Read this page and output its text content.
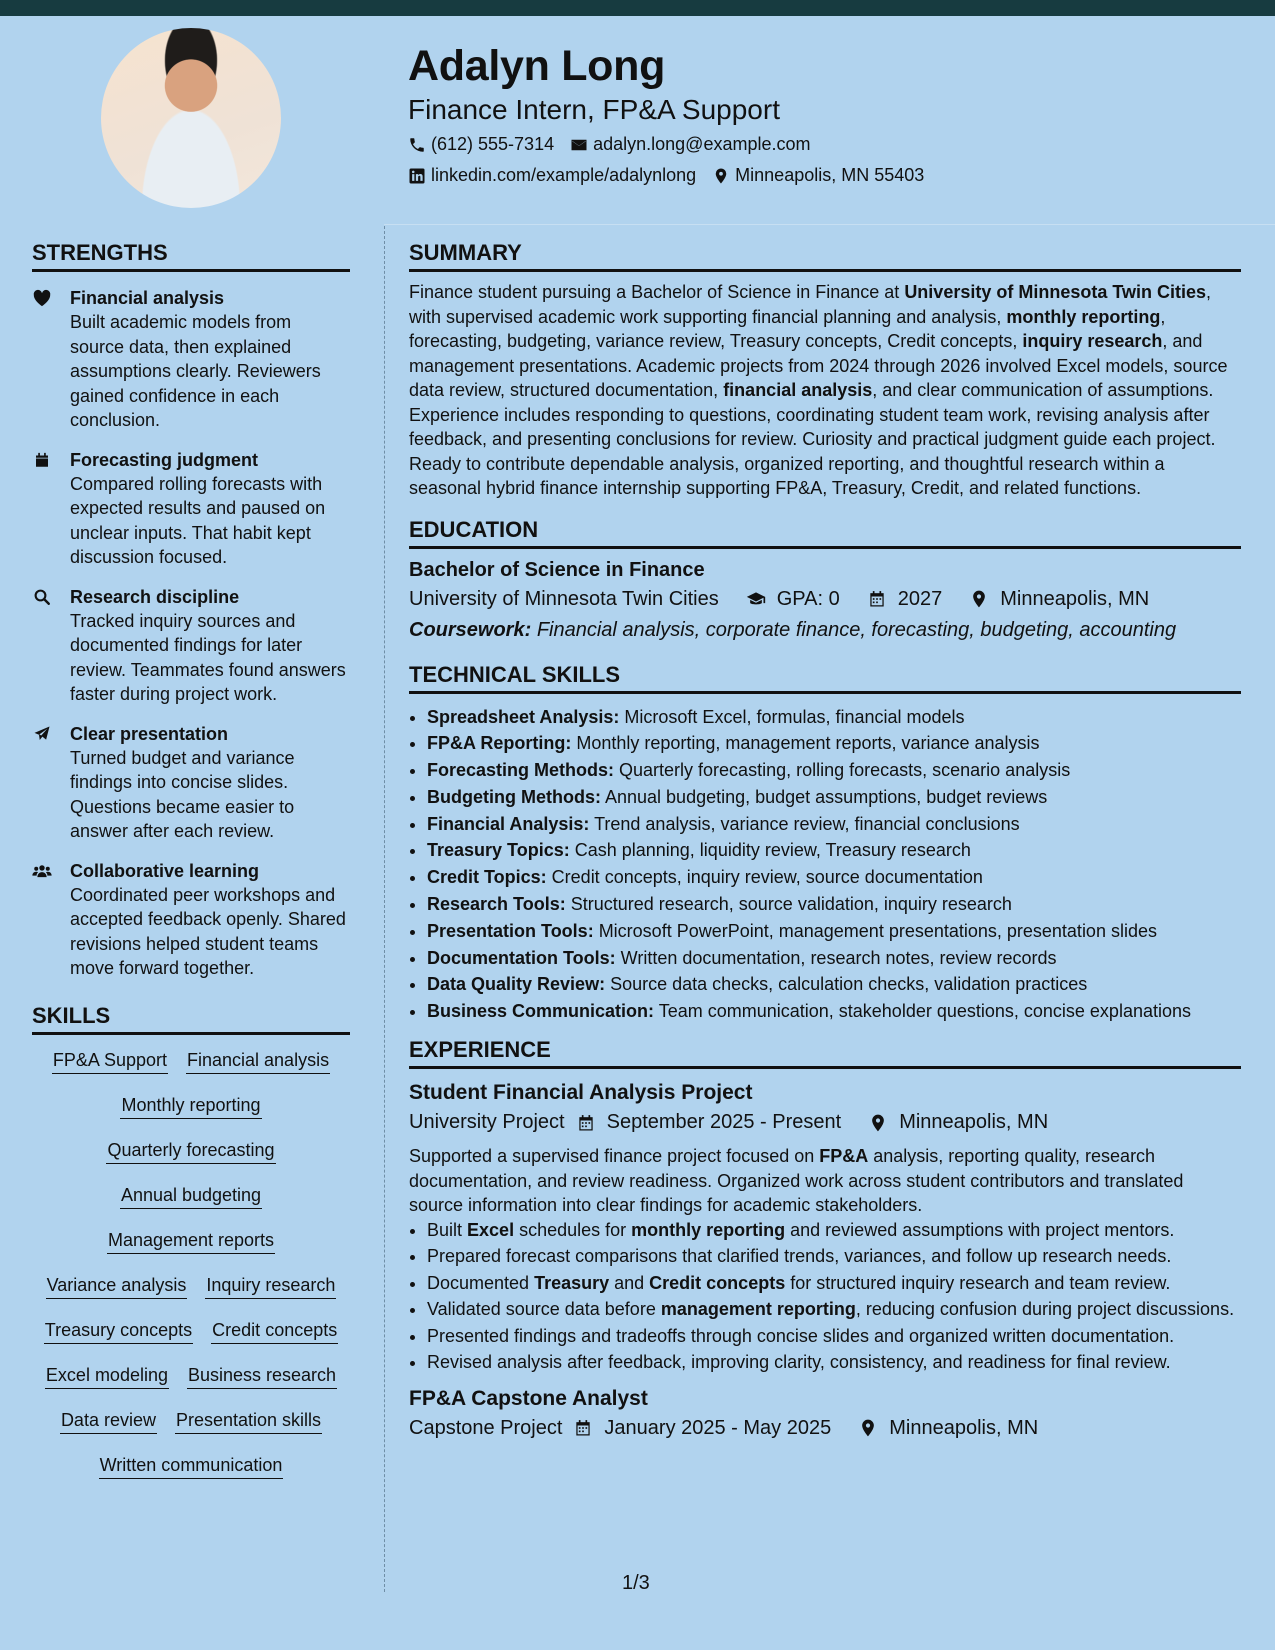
Adalyn Long
Finance Intern, FP&A Support
(612) 555-7314 adalyn.long@example.com
linkedin.com/example/adalynlong Minneapolis, MN 55403
STRENGTHS
Financial analysis

Built academic models from source data, then explained assumptions clearly. Reviewers gained confidence in each conclusion.

Forecasting judgment

Compared rolling forecasts with expected results and paused on unclear inputs. That habit kept discussion focused.

Research discipline

Tracked inquiry sources and documented findings for later review. Teammates found answers faster during project work.

Clear presentation

Turned budget and variance findings into concise slides. Questions became easier to answer after each review.

Collaborative learning

Coordinated peer workshops and accepted feedback openly. Shared revisions helped student teams move forward together.

SKILLS
FP&A Support Financial analysis
Monthly reporting
Quarterly forecasting
Annual budgeting
Management reports
Variance analysis Inquiry research
Treasury concepts Credit concepts
Excel modeling Business research
Data review Presentation skills
Written communication
SUMMARY

Finance student pursuing a Bachelor of Science in Finance at University of Minnesota Twin Cities, with supervised academic work supporting financial planning and analysis, monthly reporting, forecasting, budgeting, variance review, Treasury concepts, Credit concepts, inquiry research, and management presentations. Academic projects from 2024 through 2026 involved Excel models, source data review, structured documentation, financial analysis, and clear communication of assumptions. Experience includes responding to questions, coordinating student team work, revising analysis after feedback, and presenting conclusions for review. Curiosity and practical judgment guide each project. Ready to contribute dependable analysis, organized reporting, and thoughtful research within a seasonal hybrid finance internship supporting FP&A, Treasury, Credit, and related functions.

EDUCATION
Bachelor of Science in Finance
University of Minnesota Twin Cities	GPA: 0	2027	Minneapolis, MN
Coursework: Financial analysis, corporate finance, forecasting, budgeting, accounting
TECHNICAL SKILLS
• Spreadsheet Analysis: Microsoft Excel, formulas, financial models
• FP&A Reporting: Monthly reporting, management reports, variance analysis
• Forecasting Methods: Quarterly forecasting, rolling forecasts, scenario analysis
• Budgeting Methods: Annual budgeting, budget assumptions, budget reviews
• Financial Analysis: Trend analysis, variance review, financial conclusions
• Treasury Topics: Cash planning, liquidity review, Treasury research
• Credit Topics: Credit concepts, inquiry review, source documentation
• Research Tools: Structured research, source validation, inquiry research
• Presentation Tools: Microsoft PowerPoint, management presentations, presentation slides
• Documentation Tools: Written documentation, research notes, review records
• Data Quality Review: Source data checks, calculation checks, validation practices
• Business Communication: Team communication, stakeholder questions, concise explanations
EXPERIENCE
Student Financial Analysis Project
University Project September 2025 - Present	Minneapolis, MN

Supported a supervised finance project focused on FP&A analysis, reporting quality, research documentation, and review readiness. Organized work across student contributors and translated source information into clear findings for academic stakeholders.

• Built Excel schedules for monthly reporting and reviewed assumptions with project mentors.
• Prepared forecast comparisons that clarified trends, variances, and follow up research needs.
• Documented Treasury and Credit concepts for structured inquiry research and team review.
• Validated source data before management reporting, reducing confusion during project discussions.
• Presented findings and tradeoffs through concise slides and organized written documentation.
• Revised analysis after feedback, improving clarity, consistency, and readiness for final review.
FP&A Capstone Analyst
Capstone Project January 2025 - May 2025	Minneapolis, MN
1/3
